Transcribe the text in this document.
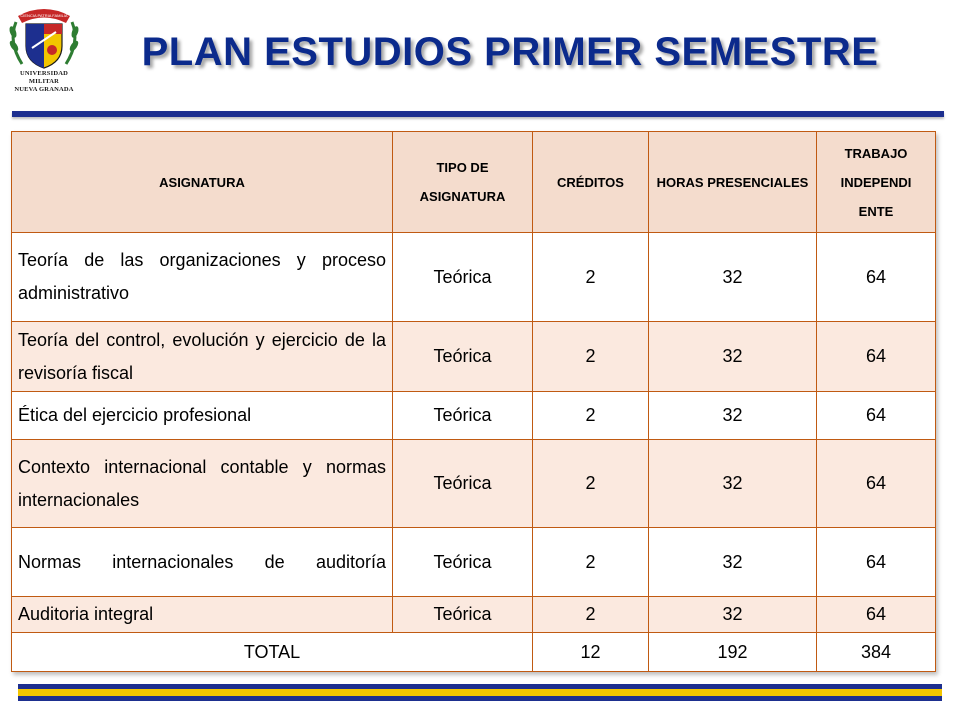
CIENCIA PATRIA FAMILIA
UNIVERSIDAD MILITAR
NUEVA GRANADA
PLAN ESTUDIOS PRIMER SEMESTRE
ASIGNATURA	TIPO DE ASIGNATURA	CRÉDITOS	HORAS PRESENCIALES	TRABAJO
INDEPENDI
ENTE

Teoría de las organizaciones y proceso administrativo	Teórica	2	32	64
Teoría del control, evolución y ejercicio de la revisoría fiscal	Teórica	2	32	64
Ética del ejercicio profesional	Teórica	2	32	64
Contexto internacional contable y normas internacionales	Teórica	2	32	64

Normas internacionales de auditoría	Teórica	2	32	64
Auditoria integral	Teórica	2	32	64
TOTAL		12	192	384
